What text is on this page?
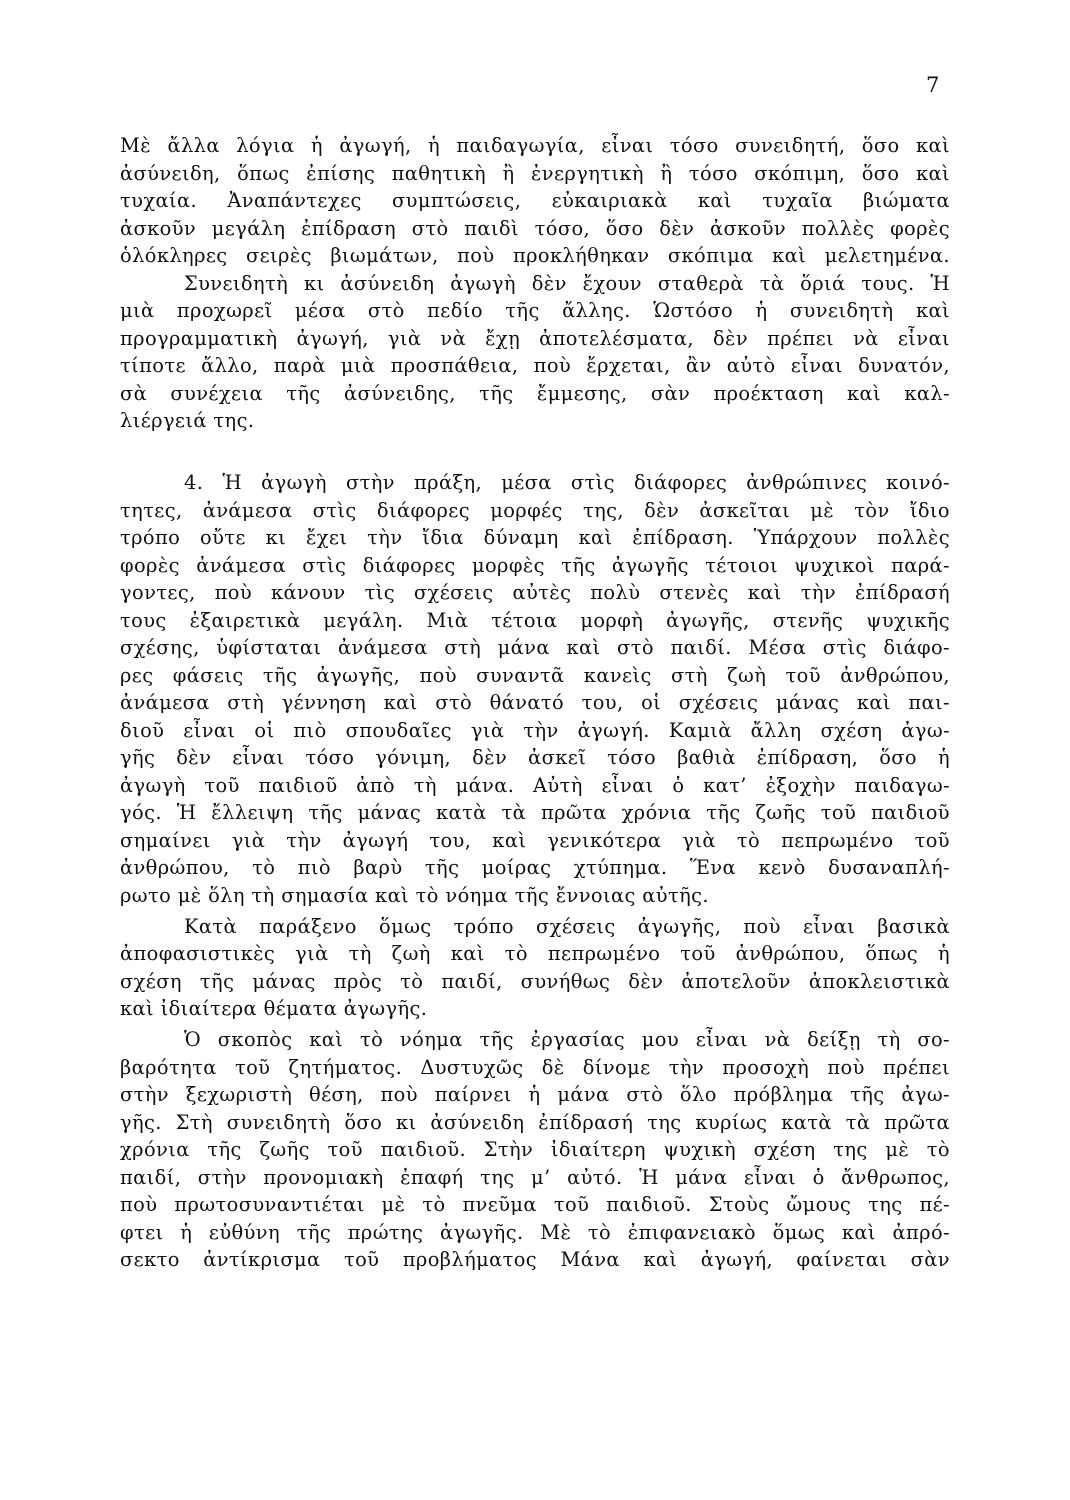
7
Μὲ ἄλλα λόγια ἡ ἀγωγή, ἡ παιδαγωγία, εἶναι τόσο συνειδητή, ὅσο καὶ
ἀσύνειδη, ὅπως ἐπίσης παθητικὴ ἢ ἐνεργητικὴ ἢ τόσο σκόπιμη, ὅσο καὶ
τυχαία. Ἀναπάντεχες συμπτώσεις, εὐκαιριακὰ καὶ τυχαῖα βιώματα
ἀσκοῦν μεγάλη ἐπίδραση στὸ παιδὶ τόσο, ὅσο δὲν ἀσκοῦν πολλὲς φορὲς
ὁλόκληρες σειρὲς βιωμάτων, ποὺ προκλήθηκαν σκόπιμα καὶ μελετημένα.
Συνειδητὴ κι ἀσύνειδη ἀγωγὴ δὲν ἔχουν σταθερὰ τὰ ὅριά τους. Ἡ
μιὰ προχωρεῖ μέσα στὸ πεδίο τῆς ἄλλης. Ὡστόσο ἡ συνειδητὴ καὶ
προγραμματικὴ ἀγωγή, γιὰ νὰ ἔχῃ ἀποτελέσματα, δὲν πρέπει νὰ εἶναι
τίποτε ἄλλο, παρὰ μιὰ προσπάθεια, ποὺ ἔρχεται, ἂν αὐτὸ εἶναι δυνατόν,
σὰ συνέχεια τῆς ἀσύνειδης, τῆς ἔμμεσης, σὰν προέκταση καὶ καλ-
λιέργειά της.
4. Ἡ ἀγωγὴ στὴν πράξη, μέσα στὶς διάφορες ἀνθρώπινες κοινό-
τητες, ἀνάμεσα στὶς διάφορες μορφές της, δὲν ἀσκεῖται μὲ τὸν ἴδιο
τρόπο οὔτε κι ἔχει τὴν ἴδια δύναμη καὶ ἐπίδραση. Ὑπάρχουν πολλὲς
φορὲς ἀνάμεσα στὶς διάφορες μορφὲς τῆς ἀγωγῆς τέτοιοι ψυχικοὶ παρά-
γοντες, ποὺ κάνουν τὶς σχέσεις αὐτὲς πολὺ στενὲς καὶ τὴν ἐπίδρασή
τους ἐξαιρετικὰ μεγάλη. Μιὰ τέτοια μορφὴ ἀγωγῆς, στενῆς ψυχικῆς
σχέσης, ὑφίσταται ἀνάμεσα στὴ μάνα καὶ στὸ παιδί. Μέσα στὶς διάφο-
ρες φάσεις τῆς ἀγωγῆς, ποὺ συναντᾶ κανεὶς στὴ ζωὴ τοῦ ἀνθρώπου,
ἀνάμεσα στὴ γέννηση καὶ στὸ θάνατό του, οἱ σχέσεις μάνας καὶ παι-
διοῦ εἶναι οἱ πιὸ σπουδαῖες γιὰ τὴν ἀγωγή. Καμιὰ ἄλλη σχέση ἀγω-
γῆς δὲν εἶναι τόσο γόνιμη, δὲν ἀσκεῖ τόσο βαθιὰ ἐπίδραση, ὅσο ἡ
ἀγωγὴ τοῦ παιδιοῦ ἀπὸ τὴ μάνα. Αὐτὴ εἶναι ὁ κατ’ ἐξοχὴν παιδαγω-
γός. Ἡ ἔλλειψη τῆς μάνας κατὰ τὰ πρῶτα χρόνια τῆς ζωῆς τοῦ παιδιοῦ
σημαίνει γιὰ τὴν ἀγωγή του, καὶ γενικότερα γιὰ τὸ πεπρωμένο τοῦ
ἀνθρώπου, τὸ πιὸ βαρὺ τῆς μοίρας χτύπημα. Ἕνα κενὸ δυσαναπλή-
ρωτο μὲ ὅλη τὴ σημασία καὶ τὸ νόημα τῆς ἔννοιας αὐτῆς.
Κατὰ παράξενο ὅμως τρόπο σχέσεις ἀγωγῆς, ποὺ εἶναι βασικὰ
ἀποφασιστικὲς γιὰ τὴ ζωὴ καὶ τὸ πεπρωμένο τοῦ ἀνθρώπου, ὅπως ἡ
σχέση τῆς μάνας πρὸς τὸ παιδί, συνήθως δὲν ἀποτελοῦν ἀποκλειστικὰ
καὶ ἰδιαίτερα θέματα ἀγωγῆς.
Ὁ σκοπὸς καὶ τὸ νόημα τῆς ἐργασίας μου εἶναι νὰ δείξῃ τὴ σο-
βαρότητα τοῦ ζητήματος. Δυστυχῶς δὲ δίνομε τὴν προσοχὴ ποὺ πρέπει
στὴν ξεχωριστὴ θέση, ποὺ παίρνει ἡ μάνα στὸ ὅλο πρόβλημα τῆς ἀγω-
γῆς. Στὴ συνειδητὴ ὅσο κι ἀσύνειδη ἐπίδρασή της κυρίως κατὰ τὰ πρῶτα
χρόνια τῆς ζωῆς τοῦ παιδιοῦ. Στὴν ἰδιαίτερη ψυχικὴ σχέση της μὲ τὸ
παιδί, στὴν προνομιακὴ ἐπαφή της μ’ αὐτό. Ἡ μάνα εἶναι ὁ ἄνθρωπος,
ποὺ πρωτοσυναντιέται μὲ τὸ πνεῦμα τοῦ παιδιοῦ. Στοὺς ὤμους της πέ-
φτει ἡ εὐθύνη τῆς πρώτης ἀγωγῆς. Μὲ τὸ ἐπιφανειακὸ ὅμως καὶ ἀπρό-
σεκτο ἀντίκρισμα τοῦ προβλήματος Μάνα καὶ ἀγωγή, φαίνεται σὰν
